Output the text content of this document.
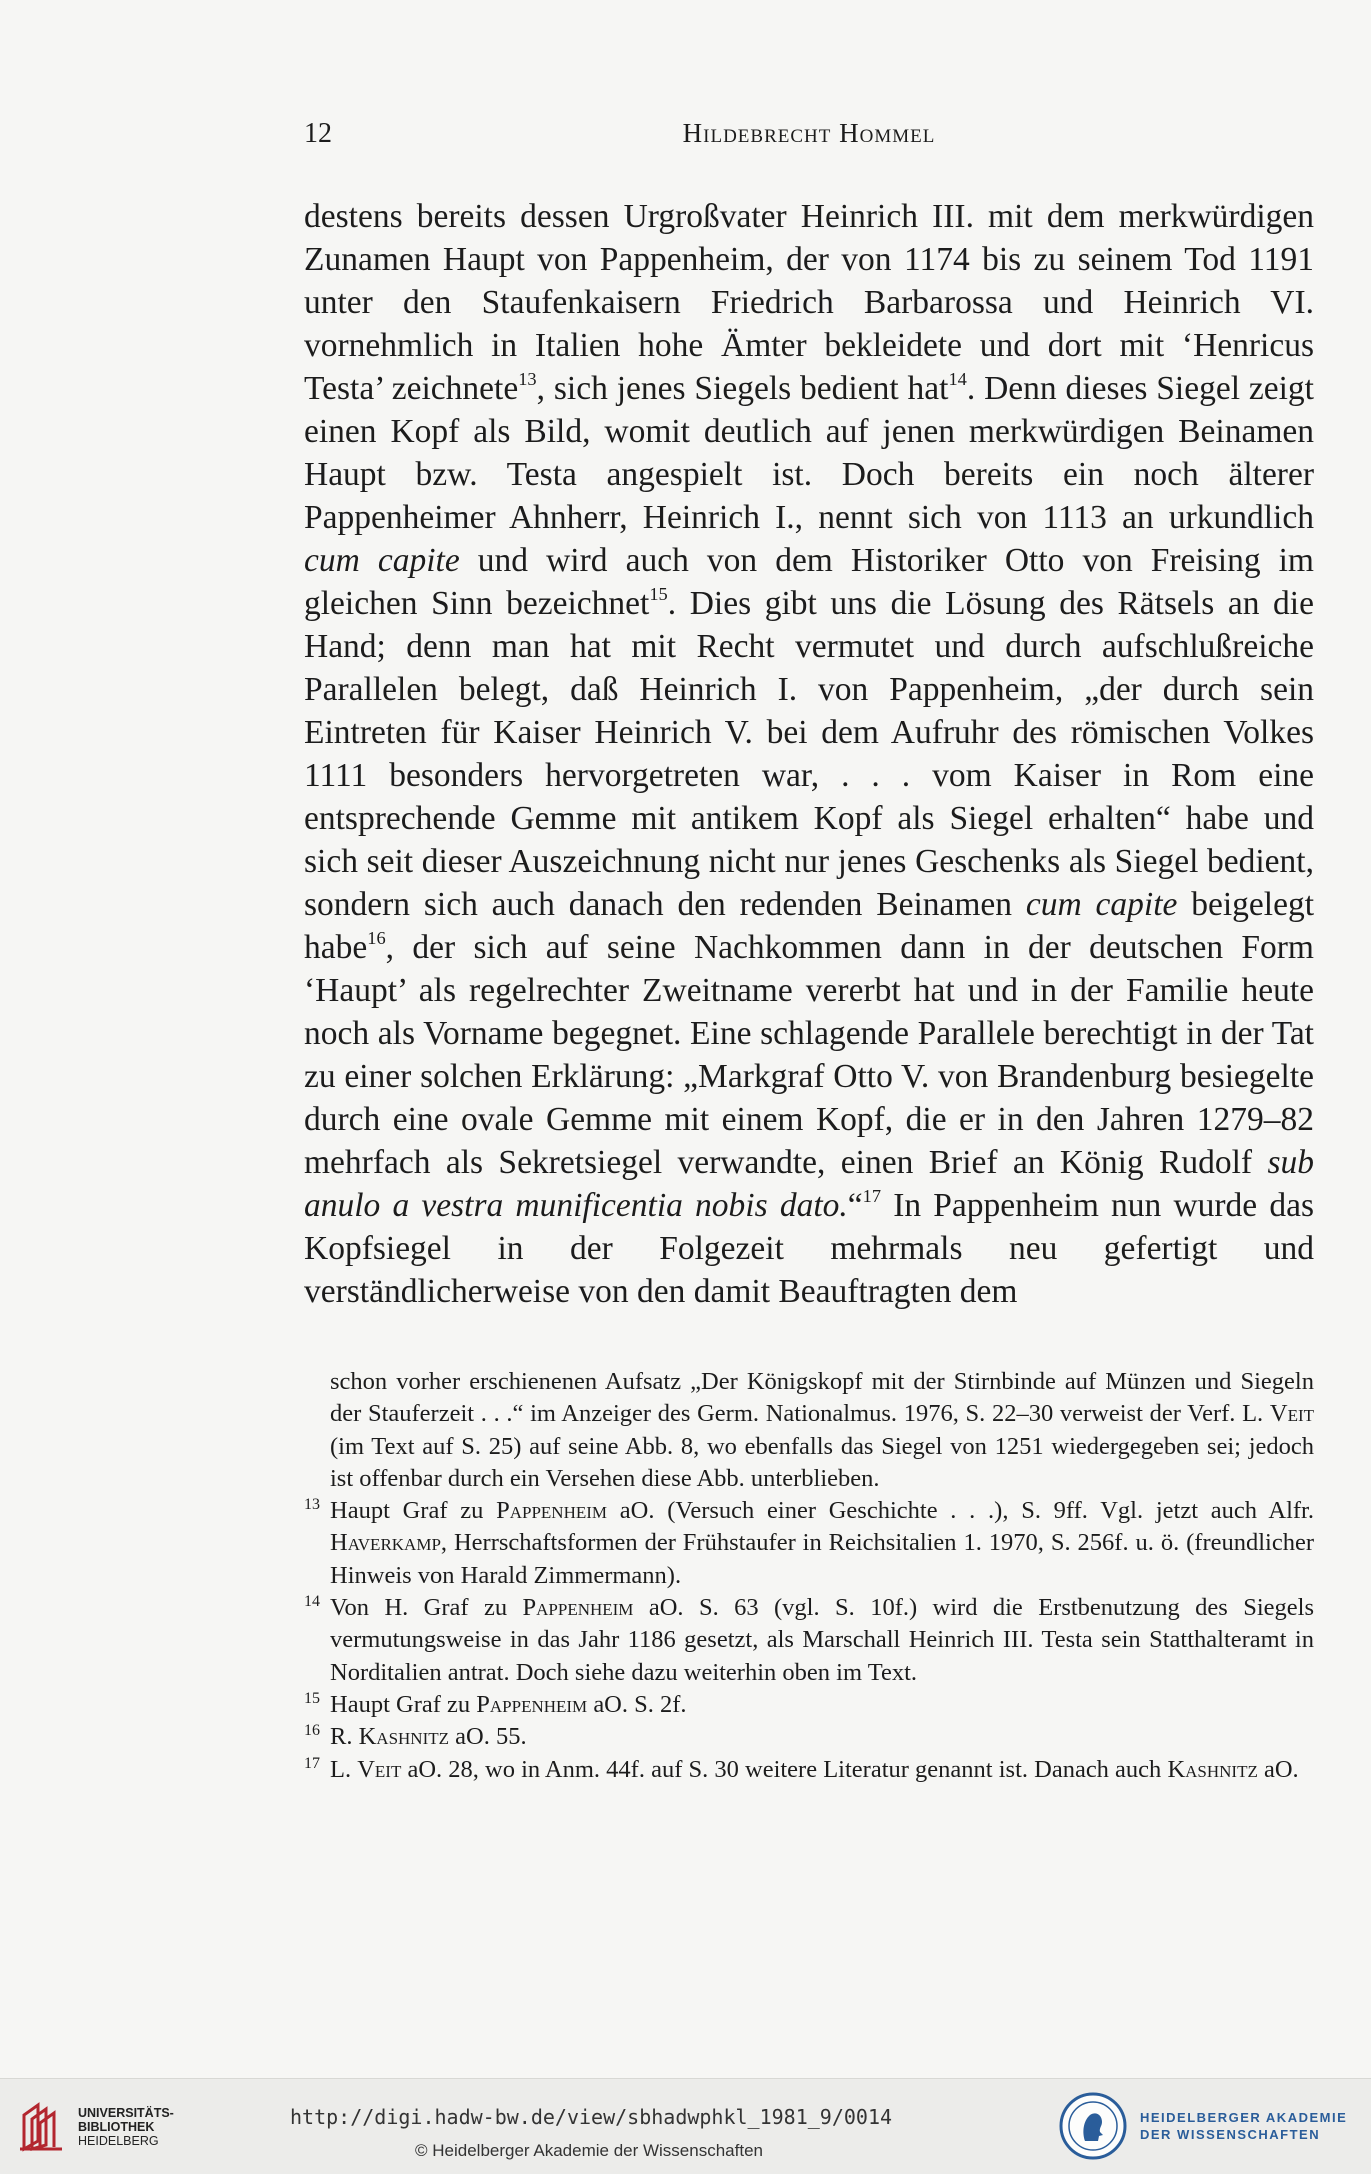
12	Hildebrecht Hommel

destens bereits dessen Urgroßvater Heinrich III. mit dem merkwürdigen Zunamen Haupt von Pappenheim, der von 1174 bis zu seinem Tod 1191 unter den Staufenkaisern Friedrich Barbarossa und Heinrich VI. vornehmlich in Italien hohe Ämter bekleidete und dort mit ‘Henricus Testa’ zeichnete$^{13}$, sich jenes Siegels bedient hat$^{14}$. Denn dieses Siegel zeigt einen Kopf als Bild, womit deutlich auf jenen merkwürdigen Beinamen Haupt bzw. Testa angespielt ist. Doch bereits ein noch älterer Pappenheimer Ahnherr, Heinrich I., nennt sich von 1113 an urkundlich cum capite und wird auch von dem Historiker Otto von Freising im gleichen Sinn bezeichnet$^{15}$. Dies gibt uns die Lösung des Rätsels an die Hand; denn man hat mit Recht vermutet und durch aufschlußreiche Parallelen belegt, daß Heinrich I. von Pappenheim, „der durch sein Eintreten für Kaiser Heinrich V. bei dem Aufruhr des römischen Volkes 1111 besonders hervorgetreten war, . . . vom Kaiser in Rom eine entsprechende Gemme mit antikem Kopf als Siegel erhalten“ habe und sich seit dieser Auszeichnung nicht nur jenes Geschenks als Siegel bedient, sondern sich auch danach den redenden Beinamen cum capite beigelegt habe$^{16}$, der sich auf seine Nachkommen dann in der deutschen Form ‘Haupt’ als regelrechter Zweitname vererbt hat und in der Familie heute noch als Vorname begegnet. Eine schlagende Parallele berechtigt in der Tat zu einer solchen Erklärung: „Markgraf Otto V. von Brandenburg besiegelte durch eine ovale Gemme mit einem Kopf, die er in den Jahren 1279–82 mehrfach als Sekretsiegel verwandte, einen Brief an König Rudolf sub anulo a vestra munificentia nobis dato.“$^{17}$ In Pappenheim nun wurde das Kopfsiegel in der Folgezeit mehrmals neu gefertigt und verständlicherweise von den damit Beauftragten dem

schon vorher erschienenen Aufsatz „Der Königskopf mit der Stirnbinde auf Münzen und Siegeln der Stauferzeit . . .“ im Anzeiger des Germ. Nationalmus. 1976, S. 22–30 verweist der Verf. L. Veit (im Text auf S. 25) auf seine Abb. 8, wo ebenfalls das Siegel von 1251 wiedergegeben sei; jedoch ist offenbar durch ein Versehen diese Abb. unterblieben.

13 Haupt Graf zu Pappenheim aO. (Versuch einer Geschichte . . .), S. 9ff. Vgl. jetzt auch Alfr. Haverkamp, Herrschaftsformen der Frühstaufer in Reichsitalien 1. 1970, S. 256f. u. ö. (freundlicher Hinweis von Harald Zimmermann).

14 Von H. Graf zu Pappenheim aO. S. 63 (vgl. S. 10f.) wird die Erstbenutzung des Siegels vermutungsweise in das Jahr 1186 gesetzt, als Marschall Heinrich III. Testa sein Statthalteramt in Norditalien antrat. Doch siehe dazu weiterhin oben im Text.

15 Haupt Graf zu Pappenheim aO. S. 2f.

16 R. Kashnitz aO. 55.

17 L. Veit aO. 28, wo in Anm. 44f. auf S. 30 weitere Literatur genannt ist. Danach auch Kashnitz aO.

UNIVERSITÄTS-
BIBLIOTHEK
HEIDELBERG
http://digi.hadw-bw.de/view/sbhadwphkl_1981_9/0014
© Heidelberger Akademie der Wissenschaften
HEIDELBERGER AKADEMIE
DER WISSENSCHAFTEN
